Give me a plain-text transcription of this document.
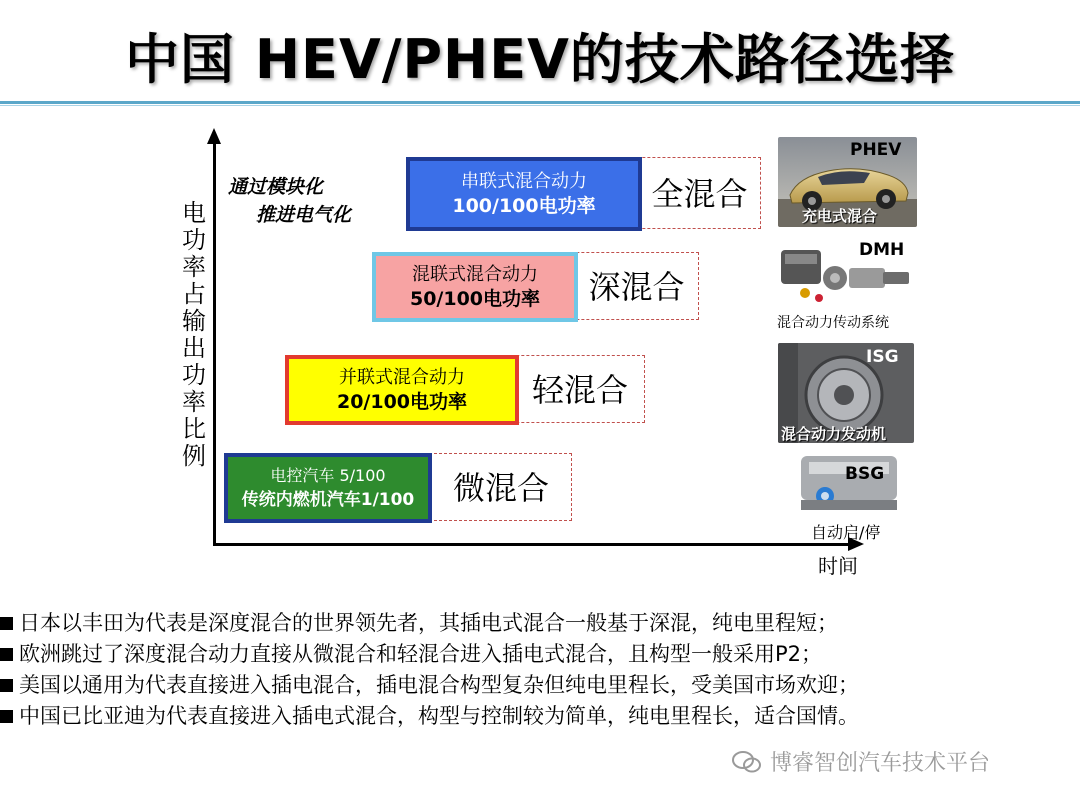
中国 HEV/PHEV的技术路径选择
电功率占输出功率比例
时间
通过模块化
推进电气化
串联式混合动力
100/100电功率	全混合
混联式混合动力
50/100电功率	深混合
并联式混合动力
20/100电功率	轻混合
电控汽车 5/100
传统内燃机汽车1/100	微混合
PHEV
充电式混合
DMH
混合动力传动系统
ISG
混合动力发动机
BSG
自动启/停
日本以丰田为代表是深度混合的世界领先者，其插电式混合一般基于深混，纯电里程短；
欧洲跳过了深度混合动力直接从微混合和轻混合进入插电式混合，且构型一般采用P2；
美国以通用为代表直接进入插电混合，插电混合构型复杂但纯电里程长，受美国市场欢迎；
中国已比亚迪为代表直接进入插电式混合，构型与控制较为简单，纯电里程长，适合国情。
博睿智创汽车技术平台
